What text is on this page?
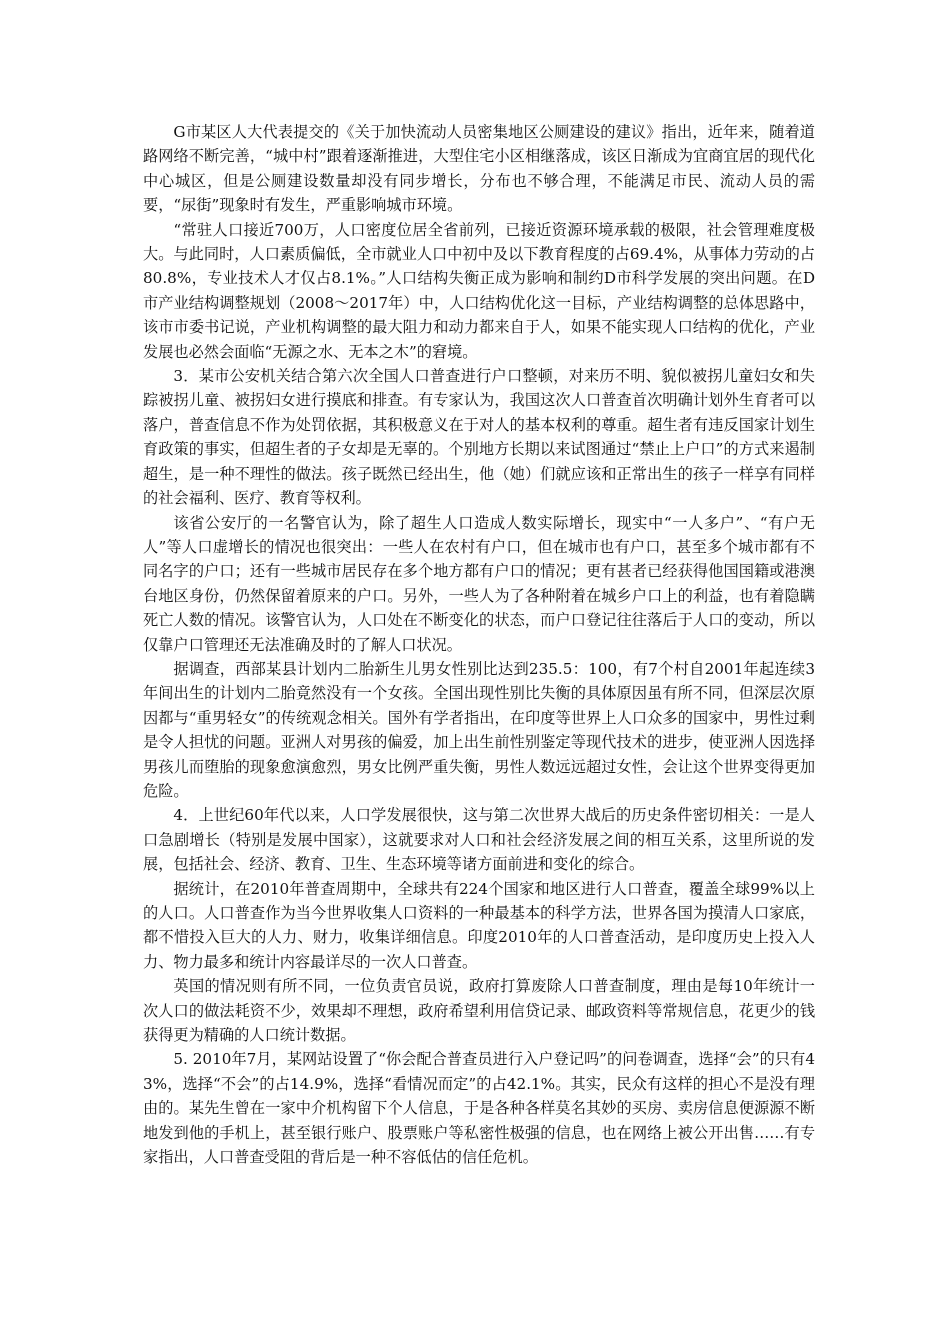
G市某区人大代表提交的《关于加快流动人员密集地区公厕建设的建议》指出，近年来，随着道路网络不断完善，“城中村”跟着逐渐推进，大型住宅小区相继落成，该区日渐成为宜商宜居的现代化中心城区，但是公厕建设数量却没有同步增长，分布也不够合理，不能满足市民、流动人员的需要，“尿街”现象时有发生，严重影响城市环境。

“常驻人口接近700万，人口密度位居全省前列，已接近资源环境承载的极限，社会管理难度极大。与此同时，人口素质偏低，全市就业人口中初中及以下教育程度的占69.4%，从事体力劳动的占80.8%，专业技术人才仅占8.1%。”人口结构失衡正成为影响和制约D市科学发展的突出问题。在D市产业结构调整规划（2008～2017年）中，人口结构优化这一目标，产业结构调整的总体思路中，该市市委书记说，产业机构调整的最大阻力和动力都来自于人，如果不能实现人口结构的优化，产业发展也必然会面临“无源之水、无本之木”的窘境。

3．某市公安机关结合第六次全国人口普查进行户口整顿，对来历不明、貌似被拐儿童妇女和失踪被拐儿童、被拐妇女进行摸底和排查。有专家认为，我国这次人口普查首次明确计划外生育者可以落户，普查信息不作为处罚依据，其积极意义在于对人的基本权利的尊重。超生者有违反国家计划生育政策的事实，但超生者的子女却是无辜的。个别地方长期以来试图通过“禁止上户口”的方式来遏制超生，是一种不理性的做法。孩子既然已经出生，他（她）们就应该和正常出生的孩子一样享有同样的社会福利、医疗、教育等权利。

该省公安厅的一名警官认为，除了超生人口造成人数实际增长，现实中“一人多户”、“有户无人”等人口虚增长的情况也很突出：一些人在农村有户口，但在城市也有户口，甚至多个城市都有不同名字的户口；还有一些城市居民存在多个地方都有户口的情况；更有甚者已经获得他国国籍或港澳台地区身份，仍然保留着原来的户口。另外，一些人为了各种附着在城乡户口上的利益，也有着隐瞒死亡人数的情况。该警官认为，人口处在不断变化的状态，而户口登记往往落后于人口的变动，所以仅靠户口管理还无法准确及时的了解人口状况。

据调查，西部某县计划内二胎新生儿男女性别比达到235.5：100，有7个村自2001年起连续3年间出生的计划内二胎竟然没有一个女孩。全国出现性别比失衡的具体原因虽有所不同，但深层次原因都与“重男轻女”的传统观念相关。国外有学者指出，在印度等世界上人口众多的国家中，男性过剩是令人担忧的问题。亚洲人对男孩的偏爱，加上出生前性别鉴定等现代技术的进步，使亚洲人因选择男孩儿而堕胎的现象愈演愈烈，男女比例严重失衡，男性人数远远超过女性，会让这个世界变得更加危险。

4．上世纪60年代以来，人口学发展很快，这与第二次世界大战后的历史条件密切相关：一是人口急剧增长（特别是发展中国家），这就要求对人口和社会经济发展之间的相互关系，这里所说的发展，包括社会、经济、教育、卫生、生态环境等诸方面前进和变化的综合。

据统计，在2010年普查周期中，全球共有224个国家和地区进行人口普查，覆盖全球99%以上的人口。人口普查作为当今世界收集人口资料的一种最基本的科学方法，世界各国为摸清人口家底，都不惜投入巨大的人力、财力，收集详细信息。印度2010年的人口普查活动，是印度历史上投入人力、物力最多和统计内容最详尽的一次人口普查。

英国的情况则有所不同，一位负责官员说，政府打算废除人口普查制度，理由是每10年统计一次人口的做法耗资不少，效果却不理想，政府希望利用信贷记录、邮政资料等常规信息，花更少的钱获得更为精确的人口统计数据。

5. 2010年7月，某网站设置了“你会配合普查员进行入户登记吗”的问卷调查，选择“会”的只有43%，选择“不会”的占14.9%，选择“看情况而定”的占42.1%。其实，民众有这样的担心不是没有理由的。某先生曾在一家中介机构留下个人信息，于是各种各样莫名其妙的买房、卖房信息便源源不断地发到他的手机上，甚至银行账户、股票账户等私密性极强的信息，也在网络上被公开出售……有专家指出，人口普查受阻的背后是一种不容低估的信任危机。
